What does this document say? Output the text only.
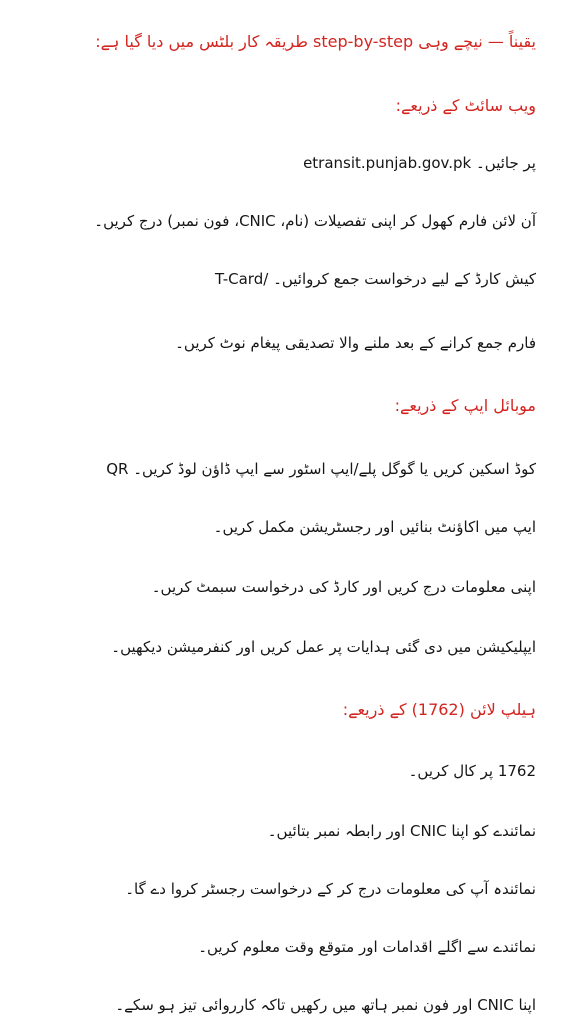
یقیناً — نیچے وہی step-by-step طریقہ کار بلٹس میں دیا گیا ہے:
ویب سائٹ کے ذریعے:
etransit.punjab.gov.pk پر جائیں۔
آن لائن فارم کھول کر اپنی تفصیلات (نام، CNIC، فون نمبر) درج کریں۔
T-Card/ کیش کارڈ کے لیے درخواست جمع کروائیں۔
فارم جمع کرانے کے بعد ملنے والا تصدیقی پیغام نوٹ کریں۔
موبائل ایپ کے ذریعے:
QR کوڈ اسکین کریں یا گوگل پلے/ایپ اسٹور سے ایپ ڈاؤن لوڈ کریں۔
ایپ میں اکاؤنٹ بنائیں اور رجسٹریشن مکمل کریں۔
اپنی معلومات درج کریں اور کارڈ کی درخواست سبمٹ کریں۔
ایپلیکیشن میں دی گئی ہدایات پر عمل کریں اور کنفرمیشن دیکھیں۔
ہیلپ لائن (1762) کے ذریعے:
1762 پر کال کریں۔
نمائندے کو اپنا CNIC اور رابطہ نمبر بتائیں۔
نمائندہ آپ کی معلومات درج کر کے درخواست رجسٹر کروا دے گا۔
نمائندے سے اگلے اقدامات اور متوقع وقت معلوم کریں۔
اپنا CNIC اور فون نمبر ہاتھ میں رکھیں تاکہ کارروائی تیز ہو سکے۔
